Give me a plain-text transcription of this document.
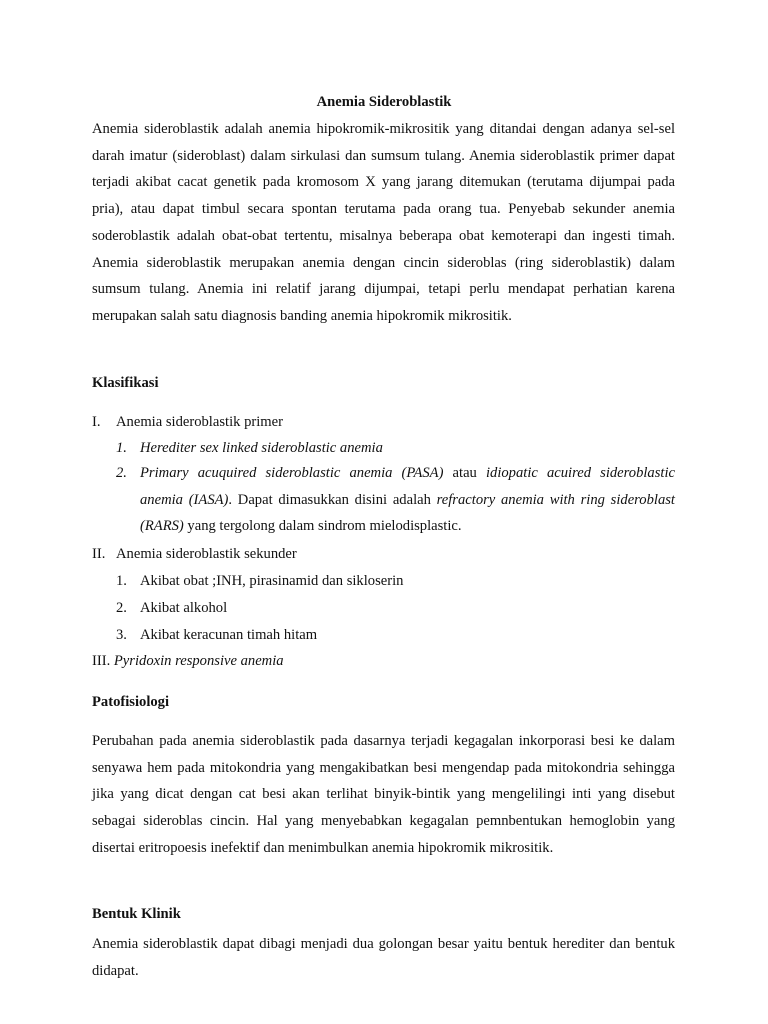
Anemia Sideroblastik
Anemia sideroblastik adalah anemia hipokromik-mikrositik yang ditandai dengan adanya sel-sel darah imatur (sideroblast) dalam sirkulasi dan sumsum tulang. Anemia sideroblastik primer dapat terjadi akibat cacat genetik pada kromosom X yang jarang ditemukan (terutama dijumpai pada pria), atau dapat timbul secara spontan terutama pada orang tua. Penyebab sekunder anemia soderoblastik adalah obat-obat tertentu, misalnya beberapa obat kemoterapi dan ingesti timah. Anemia sideroblastik merupakan anemia dengan cincin sideroblas (ring sideroblastik) dalam sumsum tulang. Anemia ini relatif jarang dijumpai, tetapi perlu mendapat perhatian karena merupakan salah satu diagnosis banding anemia hipokromik mikrositik.
Klasifikasi
I. Anemia sideroblastik primer
1. Herediter sex linked sideroblastic anemia
2. Primary acuquired sideroblastic anemia (PASA) atau idiopatic acuired sideroblastic anemia (IASA). Dapat dimasukkan disini adalah refractory anemia with ring sideroblast (RARS) yang tergolong dalam sindrom mielodisplastic.
II. Anemia sideroblastik sekunder
1. Akibat obat ;INH, pirasinamid dan sikloserin
2. Akibat alkohol
3. Akibat keracunan timah hitam
III. Pyridoxin responsive anemia
Patofisiologi
Perubahan pada anemia sideroblastik pada dasarnya terjadi kegagalan inkorporasi besi ke dalam senyawa hem pada mitokondria yang mengakibatkan besi mengendap pada mitokondria sehingga jika yang dicat dengan cat besi akan terlihat binyik-bintik yang mengelilingi inti yang disebut sebagai sideroblas cincin. Hal yang menyebabkan kegagalan pemnbentukan hemoglobin yang disertai eritropoesis inefektif dan menimbulkan anemia hipokromik mikrositik.
Bentuk Klinik
Anemia sideroblastik dapat dibagi menjadi dua golongan besar yaitu bentuk herediter dan bentuk didapat.
